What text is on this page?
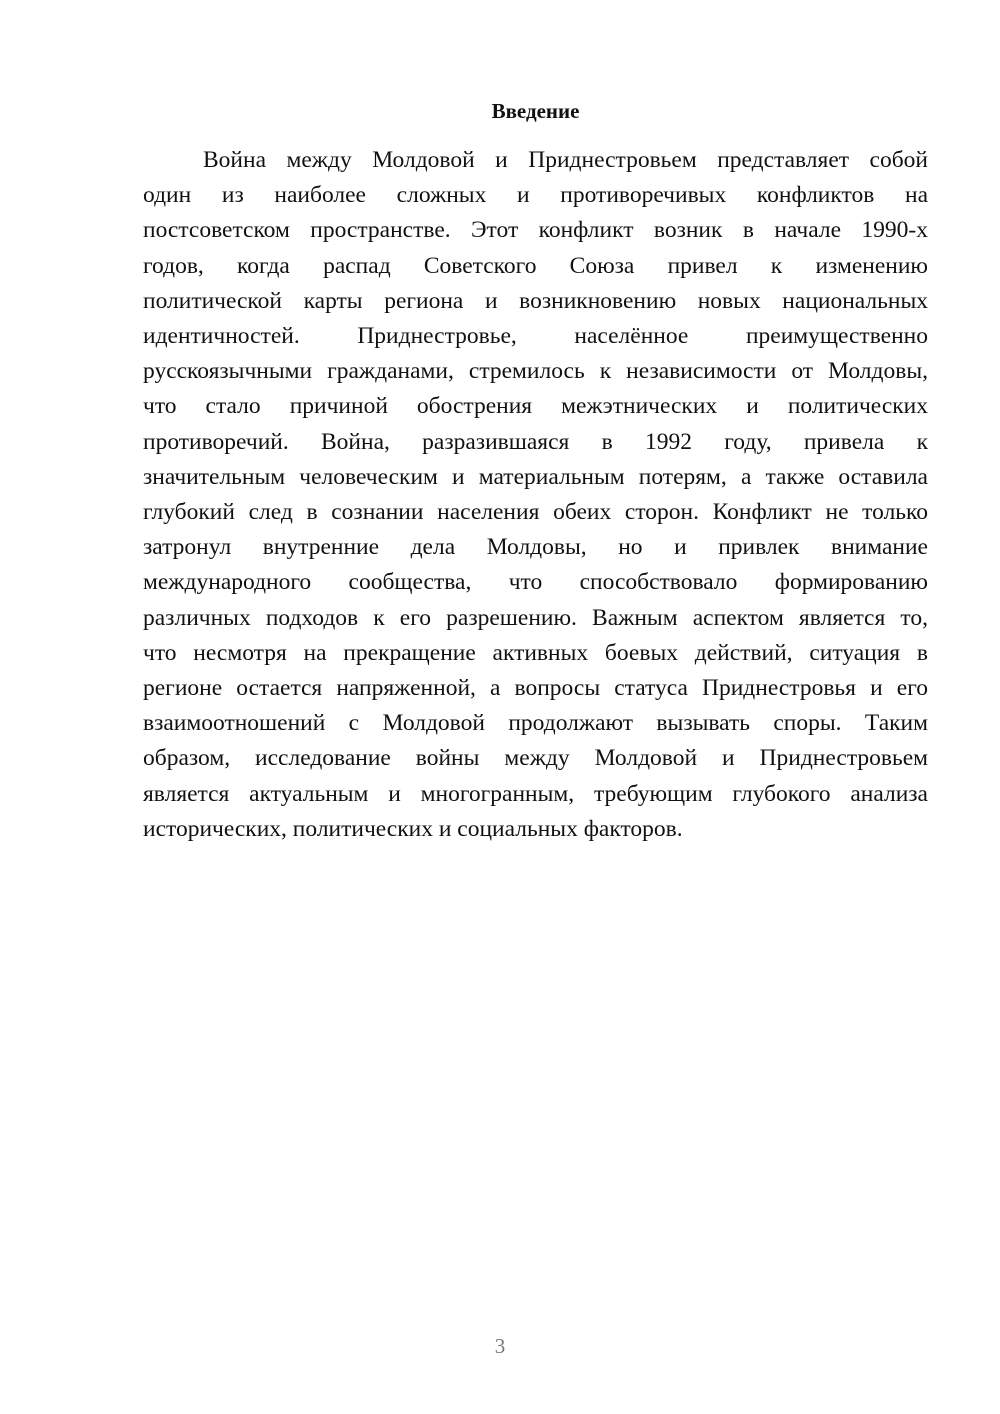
Введение

Война между Молдовой и Приднестровьем представляет собой
один из наиболее сложных и противоречивых конфликтов на
постсоветском пространстве. Этот конфликт возник в начале 1990-х
годов, когда распад Советского Союза привел к изменению
политической карты региона и возникновению новых национальных
идентичностей. Приднестровье, населённое преимущественно
русскоязычными гражданами, стремилось к независимости от Молдовы,
что стало причиной обострения межэтнических и политических
противоречий. Война, разразившаяся в 1992 году, привела к
значительным человеческим и материальным потерям, а также оставила
глубокий след в сознании населения обеих сторон. Конфликт не только
затронул внутренние дела Молдовы, но и привлек внимание
международного сообщества, что способствовало формированию
различных подходов к его разрешению. Важным аспектом является то,
что несмотря на прекращение активных боевых действий, ситуация в
регионе остается напряженной, а вопросы статуса Приднестровья и его
взаимоотношений с Молдовой продолжают вызывать споры. Таким
образом, исследование войны между Молдовой и Приднестровьем
является актуальным и многогранным, требующим глубокого анализа
исторических, политических и социальных факторов.

3
